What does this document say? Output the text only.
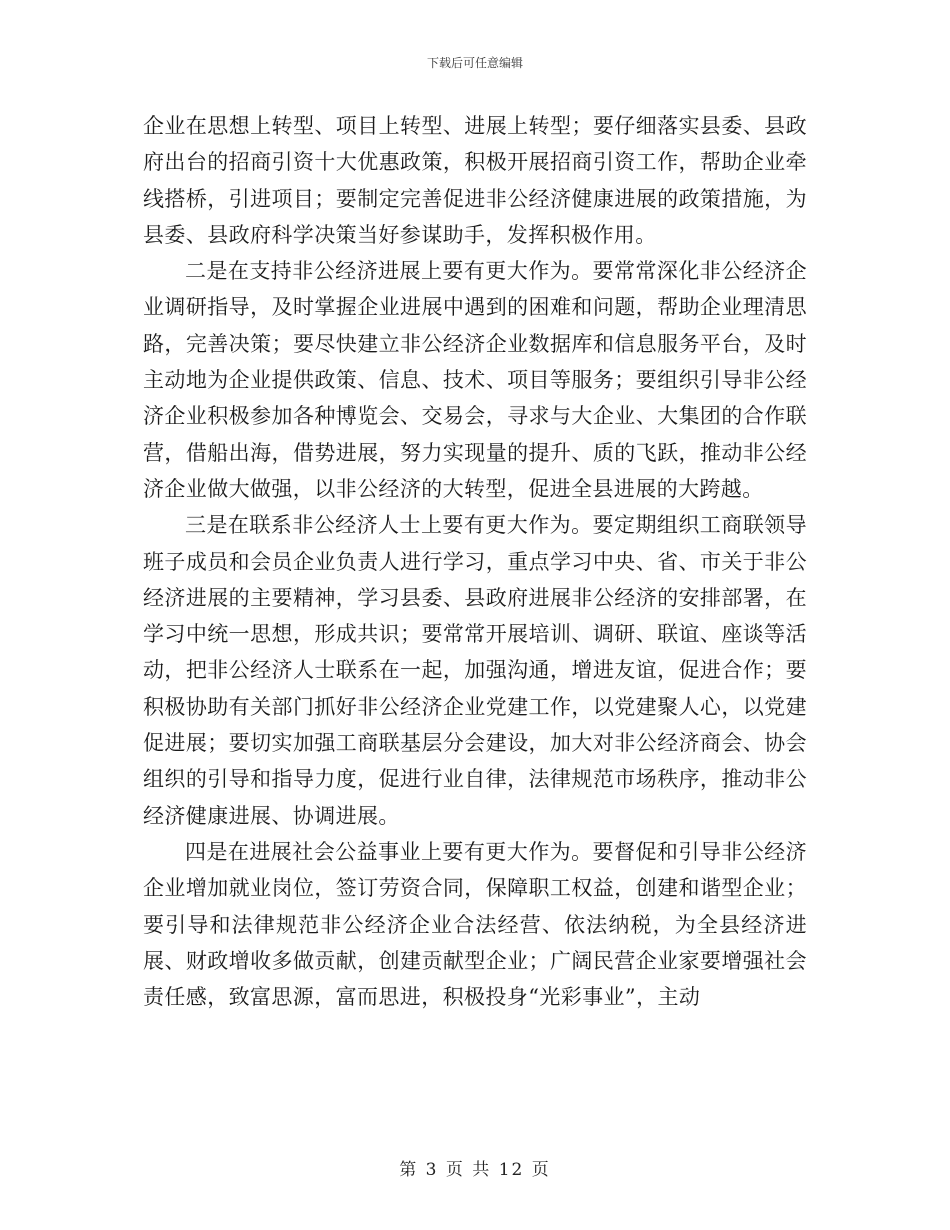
下载后可任意编辑

企业在思想上转型、项目上转型、进展上转型；要仔细落实县委、县政府出台的招商引资十大优惠政策，积极开展招商引资工作，帮助企业牵线搭桥，引进项目；要制定完善促进非公经济健康进展的政策措施，为县委、县政府科学决策当好参谋助手，发挥积极作用。

二是在支持非公经济进展上要有更大作为。要常常深化非公经济企业调研指导，及时掌握企业进展中遇到的困难和问题，帮助企业理清思路，完善决策；要尽快建立非公经济企业数据库和信息服务平台，及时主动地为企业提供政策、信息、技术、项目等服务；要组织引导非公经济企业积极参加各种博览会、交易会，寻求与大企业、大集团的合作联营，借船出海，借势进展，努力实现量的提升、质的飞跃，推动非公经济企业做大做强，以非公经济的大转型，促进全县进展的大跨越。

三是在联系非公经济人士上要有更大作为。要定期组织工商联领导班子成员和会员企业负责人进行学习，重点学习中央、省、市关于非公经济进展的主要精神，学习县委、县政府进展非公经济的安排部署，在学习中统一思想，形成共识；要常常开展培训、调研、联谊、座谈等活动，把非公经济人士联系在一起，加强沟通，增进友谊，促进合作；要积极协助有关部门抓好非公经济企业党建工作，以党建聚人心，以党建促进展；要切实加强工商联基层分会建设，加大对非公经济商会、协会组织的引导和指导力度，促进行业自律，法律规范市场秩序，推动非公经济健康进展、协调进展。

四是在进展社会公益事业上要有更大作为。要督促和引导非公经济企业增加就业岗位，签订劳资合同，保障职工权益，创建和谐型企业；要引导和法律规范非公经济企业合法经营、依法纳税，为全县经济进展、财政增收多做贡献，创建贡献型企业；广阔民营企业家要增强社会责任感，致富思源，富而思进，积极投身“光彩事业”，主动

第 3 页 共 12 页
